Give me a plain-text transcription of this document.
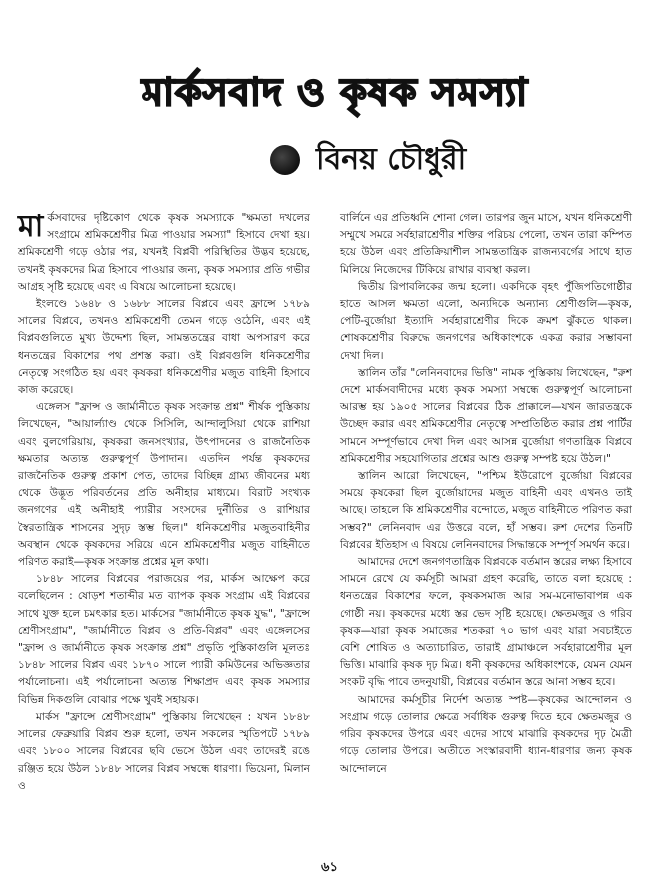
মার্কসবাদ ও কৃষক সমস্যা
বিনয় চৌধুরী

মার্কসবাদের দৃষ্টিকোণ থেকে কৃষক সমস্যাকে "ক্ষমতা দখলের সংগ্রামে শ্রমিকশ্রেণীর মিত্র পাওয়ার সমস্যা" হিসাবে দেখা হয়। শ্রমিকশ্রেণী গড়ে ওঠার পর, যখনই বিপ্লবী পরিস্থিতির উদ্ভব হয়েছে, তখনই কৃষকদের মিত্র হিসাবে পাওয়ার জন্য, কৃষক সমস্যার প্রতি গভীর আগ্রহ সৃষ্টি হয়েছে এবং এ বিষয়ে আলোচনা হয়েছে।

ইংলণ্ডে ১৬৪৮ ও ১৬৮৮ সালের বিপ্লবে এবং ফ্রান্সে ১৭৮৯ সালের বিপ্লবে, তখনও শ্রমিকশ্রেণী তেমন গড়ে ওঠেনি, এবং এই বিপ্লবগুলিতে মুখ্য উদ্দেশ্য ছিল, সামন্ততন্ত্রের বাধা অপসারণ করে ধনতন্ত্রের বিকাশের পথ প্রশস্ত করা। ওই বিপ্লবগুলি ধনিকশ্রেণীর নেতৃত্বে সংগঠিত হয় এবং কৃষকরা ধনিকশ্রেণীর মজুত বাহিনী হিসাবে কাজ করেছে।

এঙ্গেলস "ফ্রান্স ও জার্মানীতে কৃষক সংক্রান্ত প্রশ্ন" শীর্ষক পুস্তিকায় লিখেছেন, "আয়ার্ল্যাণ্ড থেকে সিসিলি, আন্দালুসিয়া থেকে রাশিয়া এবং বুলগেরিয়ায়, কৃষকরা জনসংখ্যার, উৎপাদনের ও রাজনৈতিক ক্ষমতার অত্যন্ত গুরুত্বপূর্ণ উপাদান। এতদিন পর্যন্ত কৃষকদের রাজনৈতিক গুরুত্ব প্রকাশ পেত, তাদের বিচ্ছিন্ন গ্রাম্য জীবনের মধ্য থেকে উদ্ভূত পরিবর্তনের প্রতি অনীহার মাধ্যমে। বিরাট সংখ্যক জনগণের এই অনীহাই প্যারীর সংসদের দুর্নীতির ও রাশিয়ার স্বৈরতান্ত্রিক শাসনের সুদৃঢ় স্তম্ভ ছিল।" ধনিকশ্রেণীর মজুতবাহিনীর অবস্থান থেকে কৃষকদের সরিয়ে এনে শ্রমিকশ্রেণীর মজুত বাহিনীতে পরিণত করাই—কৃষক সংক্রান্ত প্রশ্নের মূল কথা।

১৮৪৮ সালের বিপ্লবের পরাজয়ের পর, মার্কস আক্ষেপ করে বলেছিলেন : ষোড়শ শতাব্দীর মত ব্যাপক কৃষক সংগ্রাম এই বিপ্লবের সাথে যুক্ত হলে চমৎকার হত। মার্কসের "জার্মানীতে কৃষক যুদ্ধ", "ফ্রান্সে শ্রেণীসংগ্রাম", "জার্মানীতে বিপ্লব ও প্রতি-বিপ্লব" এবং এঙ্গেলসের "ফ্রান্স ও জার্মানীতে কৃষক সংক্রান্ত প্রশ্ন" প্রভৃতি পুস্তিকাগুলি মূলতঃ ১৮৪৮ সালের বিপ্লব এবং ১৮৭০ সালে প্যারী কমিউনের অভিজ্ঞতার পর্যালোচনা। এই পর্যালোচনা অত্যন্ত শিক্ষাপ্রদ এবং কৃষক সমস্যার বিভিন্ন দিকগুলি বোঝার পক্ষে খুবই সহায়ক।

মার্কস "ফ্রান্সে শ্রেণীসংগ্রাম" পুস্তিকায় লিখেছেন : যখন ১৮৪৮ সালের ফেব্রুয়ারি বিপ্লব শুরু হলো, তখন সকলের স্মৃতিপটে ১৭৮৯ এবং ১৮০০ সালের বিপ্লবের ছবি ভেসে উঠল এবং তাদেরই রঙে রঞ্জিত হয়ে উঠল ১৮৪৮ সালের বিপ্লব সম্বন্ধে ধারণা। ভিয়েনা, মিলান ও

বার্লিনে এর প্রতিধ্বনি শোনা গেল। তারপর জুন মাসে, যখন ধনিকশ্রেণী সম্মুখে সমরে সর্বহারাশ্রেণীর শক্তির পরিচয় পেলো, তখন তারা কম্পিত হয়ে উঠল এবং প্রতিক্রিয়াশীল সামন্ততান্ত্রিক রাজন্যবর্গের সাথে হাত মিলিয়ে নিজেদের টিকিয়ে রাখার ব্যবস্থা করল।

দ্বিতীয় রিপাবলিকের জন্ম হলো। একদিকে বৃহৎ পুঁজিপতিগোষ্ঠীর হাতে আসল ক্ষমতা এলো, অন্যদিকে অন্যান্য শ্রেণীগুলি—কৃষক, পেটি-বুর্জোয়া ইত্যাদি সর্বহারাশ্রেণীর দিকে ক্রমশ ঝুঁকতে থাকল। শোষকশ্রেণীর বিরুদ্ধে জনগণের অধিকাংশকে একত্র করার সম্ভাবনা দেখা দিল।

স্তালিন তাঁর "লেনিনবাদের ভিত্তি" নামক পুস্তিকায় লিখেছেন, "রুশ দেশে মার্কসবাদীদের মধ্যে কৃষক সমস্যা সম্বন্ধে গুরুত্বপূর্ণ আলোচনা আরম্ভ হয় ১৯০৫ সালের বিপ্লবের ঠিক প্রাক্কালে—যখন জারতন্ত্রকে উচ্ছেদ করার এবং শ্রমিকশ্রেণীর নেতৃত্বে সম্প্রতিষ্ঠিত করার প্রশ্ন পার্টির সামনে সম্পূর্ণভাবে দেখা দিল এবং আসন্ন বুর্জোয়া গণতান্ত্রিক বিপ্লবে শ্রমিকশ্রেণীর সহযোগিতার প্রশ্নের আশু গুরুত্ব সম্পষ্ট হয়ে উঠল।"

স্তালিন আরো লিখেছেন, "পশ্চিম ইউরোপে বুর্জোয়া বিপ্লবের সময়ে কৃষকেরা ছিল বুর্জোয়াদের মজুত বাহিনী এবং এখনও তাই আছে। তাহলে কি শ্রমিকশ্রেণীর বন্দোতে, মজুত বাহিনীতে পরিণত করা সম্ভব?" লেনিনবাদ এর উত্তরে বলে, হাঁ সম্ভব। রুশ দেশের তিনটি বিপ্লবের ইতিহাস এ বিষয়ে লেনিনবাদের সিদ্ধান্তকে সম্পূর্ণ সমর্থন করে।

আমাদের দেশে জনগণতান্ত্রিক বিপ্লবকে বর্তমান স্তরের লক্ষ্য হিসাবে সামনে রেখে যে কর্মসূচী আমরা গ্রহণ করেছি, তাতে বলা হয়েছে : ধনতন্ত্রের বিকাশের ফলে, কৃষকসমাজ আর সম-মনোভাবাপন্ন এক গোষ্ঠী নয়। কৃষকদের মধ্যে স্তর ভেদ সৃষ্টি হয়েছে। ক্ষেতমজুর ও গরিব কৃষক—যারা কৃষক সমাজের শতকরা ৭০ ভাগ এবং যারা সবচাইতে বেশি শোষিত ও অত্যাচারিত, তারাই গ্রামাঞ্চলে সর্বহারাশ্রেণীর মূল ভিত্তি। মাঝারি কৃষক দৃঢ় মিত্র। ধনী কৃষকদের অধিকাংশকে, যেমন যেমন সংকট বৃদ্ধি পাবে তদনুযায়ী, বিপ্লবের বর্তমান স্তরে আনা সম্ভব হবে।

আমাদের কর্মসূচীর নির্দেশ অত্যন্ত স্পষ্ট—কৃষকের আন্দোলন ও সংগ্রাম গড়ে তোলার ক্ষেত্রে সর্বাধিক গুরুত্ব দিতে হবে ক্ষেতমজুর ও গরিব কৃষকদের উপরে এবং এদের সাথে মাঝারি কৃষকদের দৃঢ় মৈত্রী গড়ে তোলার উপরে। অতীতে সংস্কারবাদী ধ্যান-ধারণার জন্য কৃষক আন্দোলনে

৬১
